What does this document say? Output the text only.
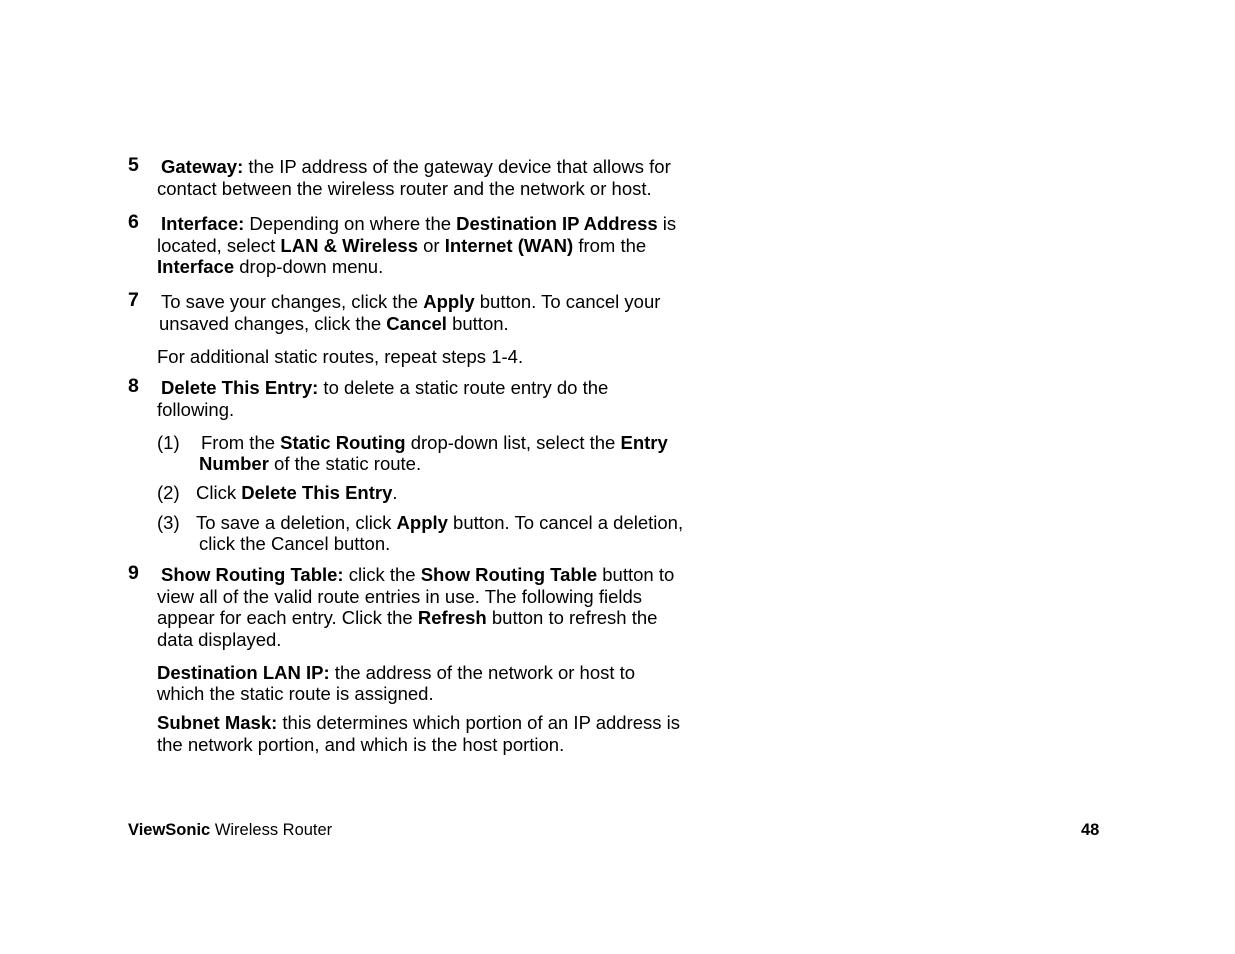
5 Gateway: the IP address of the gateway device that allows for

contact between the wireless router and the network or host.

6 Interface: Depending on where the Destination IP Address is

located, select LAN & Wireless or Internet (WAN) from the

Interface drop-down menu.

7 To save your changes, click the Apply button. To cancel your

unsaved changes, click the Cancel button.

For additional static routes, repeat steps 1-4.

8 Delete This Entry: to delete a static route entry do the

following.

(1) From the Static Routing drop-down list, select the Entry

Number of the static route.

(2) Click Delete This Entry.

(3) To save a deletion, click Apply button. To cancel a deletion,

click the Cancel button.

9 Show Routing Table: click the Show Routing Table button to

view all of the valid route entries in use. The following fields

appear for each entry. Click the Refresh button to refresh the

data displayed.

Destination LAN IP: the address of the network or host to

which the static route is assigned.

Subnet Mask: this determines which portion of an IP address is

the network portion, and which is the host portion.

ViewSonic Wireless Router	48
